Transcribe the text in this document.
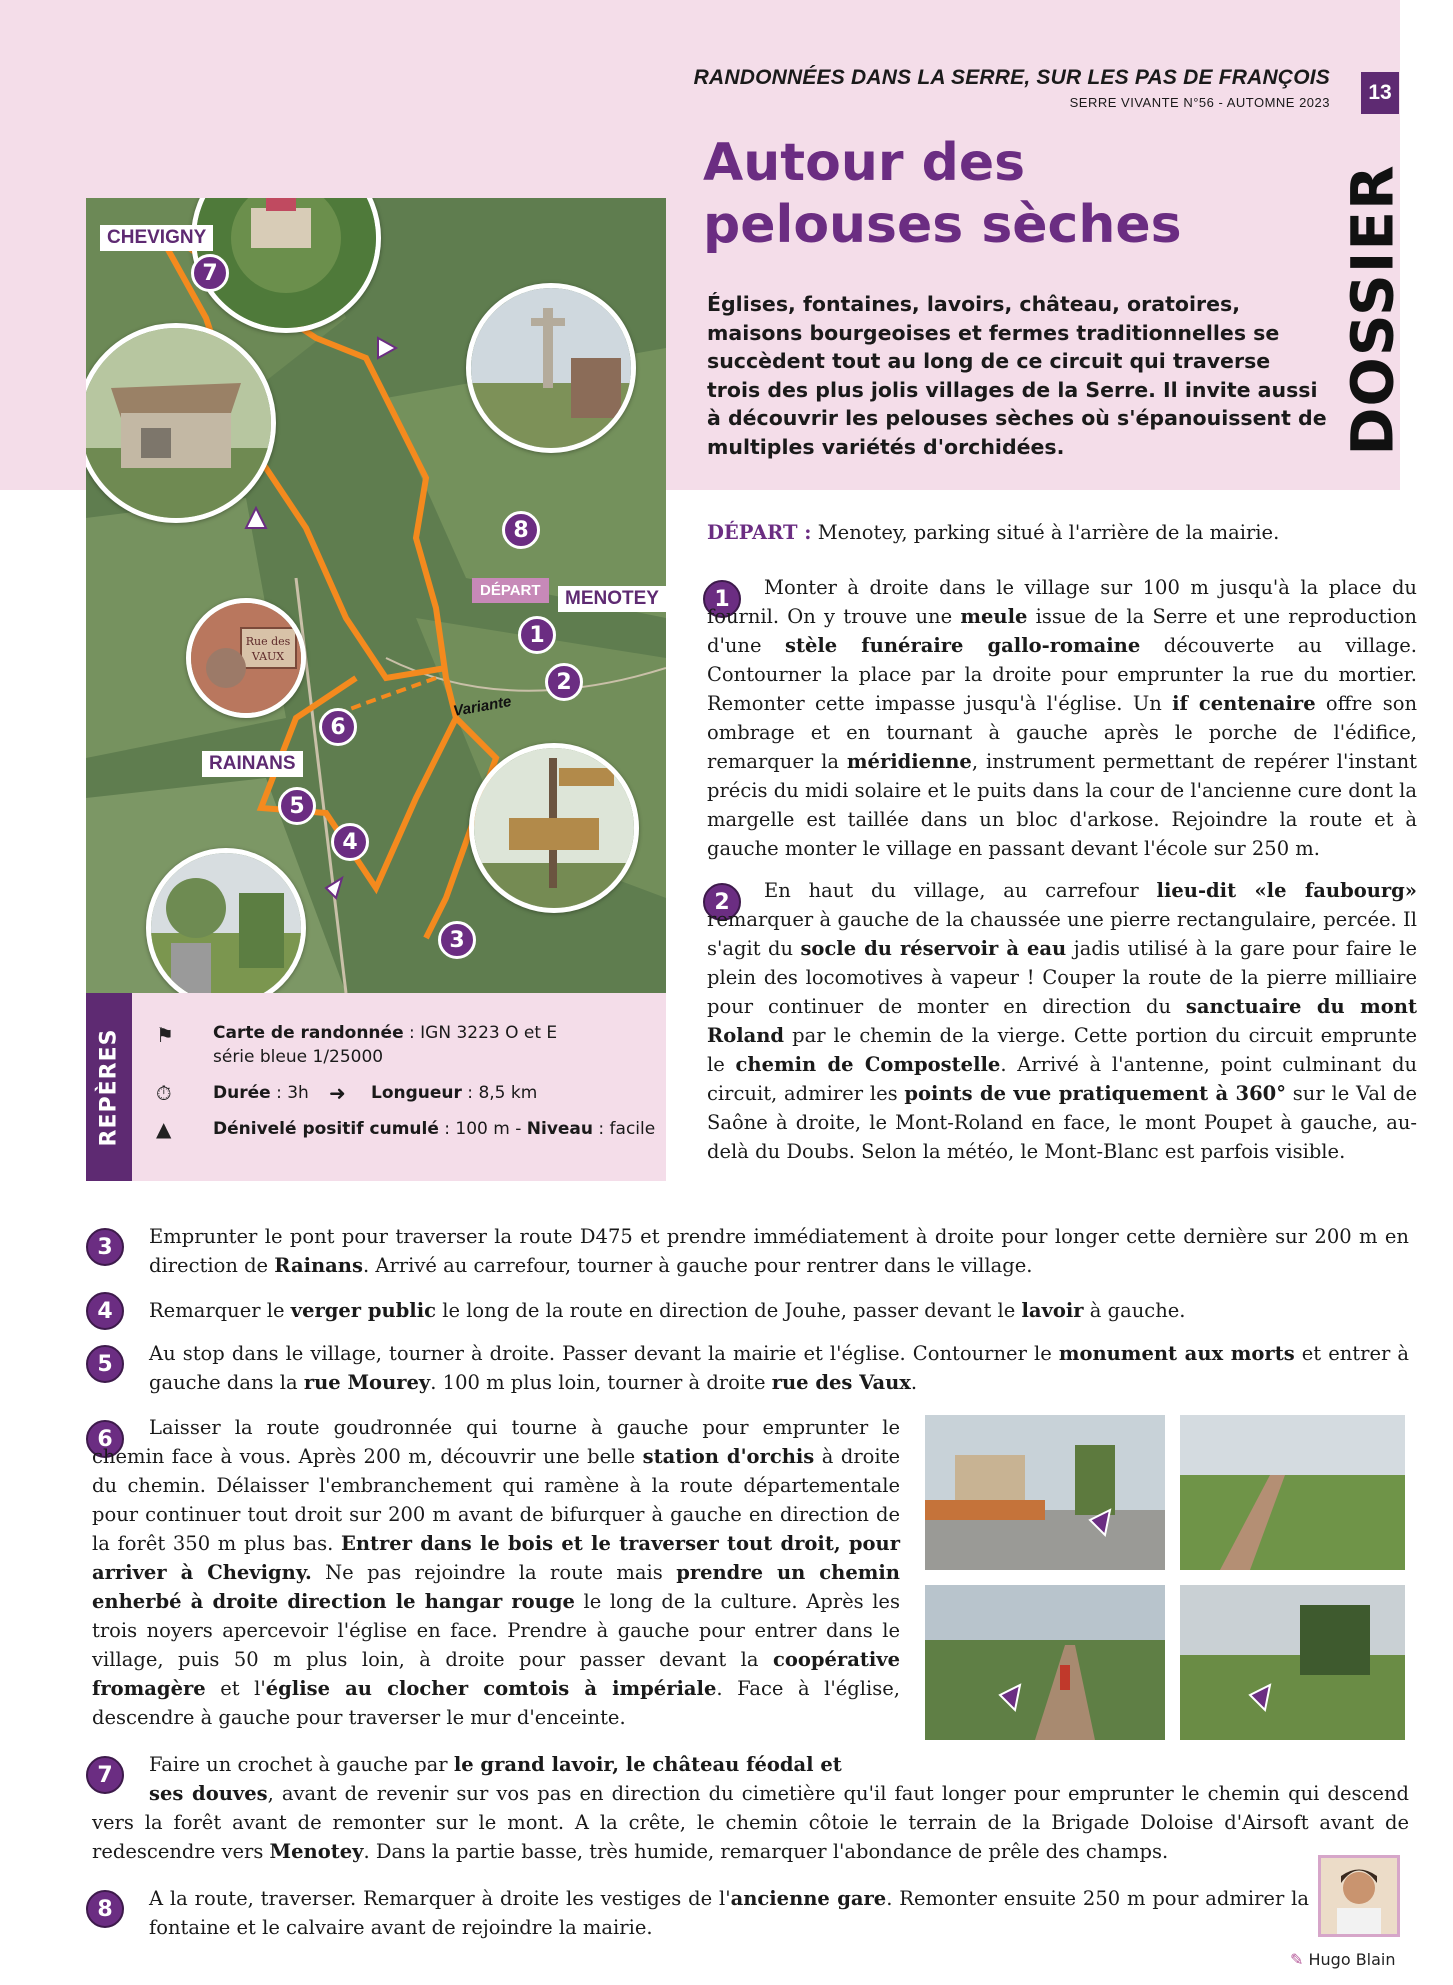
RANDONNÉES DANS LA SERRE, SUR LES PAS DE FRANÇOIS
SERRE VIVANTE N°56 - AUTOMNE 2023	13
DOSSIER
Autour des
pelouses sèches
Églises, fontaines, lavoirs, château, oratoires, maisons bourgeoises et fermes traditionnelles se succèdent tout au long de ce circuit qui traverse trois des plus jolis villages de la Serre. Il invite aussi à découvrir les pelouses sèches où s'épanouissent de multiples variétés d'orchidées.
Rue des
VAUX
CHEVIGNY
MENOTEY
RAINANS
DÉPART
Variante
7
8
1
2
6
5
4
3
REPÈRES ⚑ Carte de randonnée : IGN 3223 O et E
série bleue 1/25000
⏱ Durée : 3h ➜ Longueur : 8,5 km
▲ Dénivelé positif cumulé : 100 m - Niveau : facile
DÉPART : Menotey, parking situé à l'arrière de la mairie.
1	Monter à droite dans le village sur 100 m jusqu'à la place du fournil. On y trouve une meule issue de la Serre et une reproduction d'une stèle funéraire gallo-romaine découverte au village. Contourner la place par la droite pour emprunter la rue du mortier. Remonter cette impasse jusqu'à l'église. Un if centenaire offre son ombrage et en tournant à gauche après le porche de l'édifice, remarquer la méridienne, instrument permettant de repérer l'instant précis du midi solaire et le puits dans la cour de l'ancienne cure dont la margelle est taillée dans un bloc d'arkose. Rejoindre la route et à gauche monter le village en passant devant l'école sur 250 m.
2	En haut du village, au carrefour lieu-dit «le faubourg» remarquer à gauche de la chaussée une pierre rectangulaire, percée. Il s'agit du socle du réservoir à eau jadis utilisé à la gare pour faire le plein des locomotives à vapeur ! Couper la route de la pierre milliaire pour continuer de monter en direction du sanctuaire du mont Roland par le chemin de la vierge. Cette portion du circuit emprunte le chemin de Compostelle. Arrivé à l'antenne, point culminant du circuit, admirer les points de vue pratiquement à 360° sur le Val de Saône à droite, le Mont-Roland en face, le mont Poupet à gauche, au-delà du Doubs. Selon la météo, le Mont-Blanc est parfois visible.
3	Emprunter le pont pour traverser la route D475 et prendre immédiatement à droite pour longer cette dernière sur 200 m en direction de Rainans. Arrivé au carrefour, tourner à gauche pour rentrer dans le village.
4	Remarquer le verger public le long de la route en direction de Jouhe, passer devant le lavoir à gauche.
5	Au stop dans le village, tourner à droite. Passer devant la mairie et l'église. Contourner le monument aux morts et entrer à gauche dans la rue Mourey. 100 m plus loin, tourner à droite rue des Vaux.
6	Laisser la route goudronnée qui tourne à gauche pour emprunter le chemin face à vous. Après 200 m, découvrir une belle station d'orchis à droite du chemin. Délaisser l'embranchement qui ramène à la route départementale pour continuer tout droit sur 200 m avant de bifurquer à gauche en direction de la forêt 350 m plus bas. Entrer dans le bois et le traverser tout droit, pour arriver à Chevigny. Ne pas rejoindre la route mais prendre un chemin enherbé à droite direction le hangar rouge le long de la culture. Après les trois noyers apercevoir l'église en face. Prendre à gauche pour entrer dans le village, puis 50 m plus loin, à droite pour passer devant la coopérative fromagère et l'église au clocher comtois à impériale. Face à l'église, descendre à gauche pour traverser le mur d'enceinte.
7	Faire un crochet à gauche par le grand lavoir, le château féodal et
ses douves, avant de revenir sur vos pas en direction du cimetière qu'il faut longer pour emprunter le chemin qui descend vers la forêt avant de remonter sur le mont. A la crête, le chemin côtoie le terrain de la Brigade Doloise d'Airsoft avant de redescendre vers Menotey. Dans la partie basse, très humide, remarquer l'abondance de prêle des champs.
8	A la route, traverser. Remarquer à droite les vestiges de l'ancienne gare. Remonter ensuite 250 m pour admirer la fontaine et le calvaire avant de rejoindre la mairie.
✎ Hugo Blain
